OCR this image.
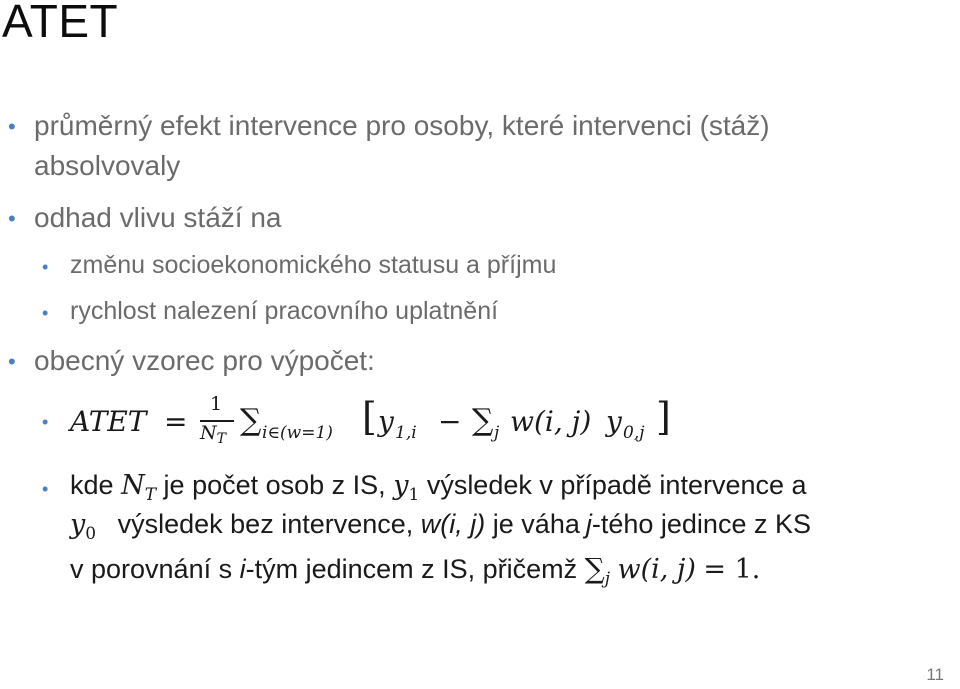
ATET
• průměrný efekt intervence pro osoby, které intervenci (stáž)
absolvovaly
• odhad vlivu stáží na
• změnu socioekonomického statusu a příjmu
• rychlost nalezení pracovního uplatnění
• obecný vzorec pro výpočet:
• ATET =
1
$N_T$
∑ i∈(w=1) [ y 1,i − ∑ j w(i, j) y 0,j ]
• kde $N_T$ je počet osob z IS, $y_1$ výsledek v případě intervence a
$y_0$ výsledek bez intervence, w(i, j) je váha j-tého jedince z KS
v porovnání s i-tým jedincem z IS, přičemž $\sum_j$ w(i, j) = 1.
11
